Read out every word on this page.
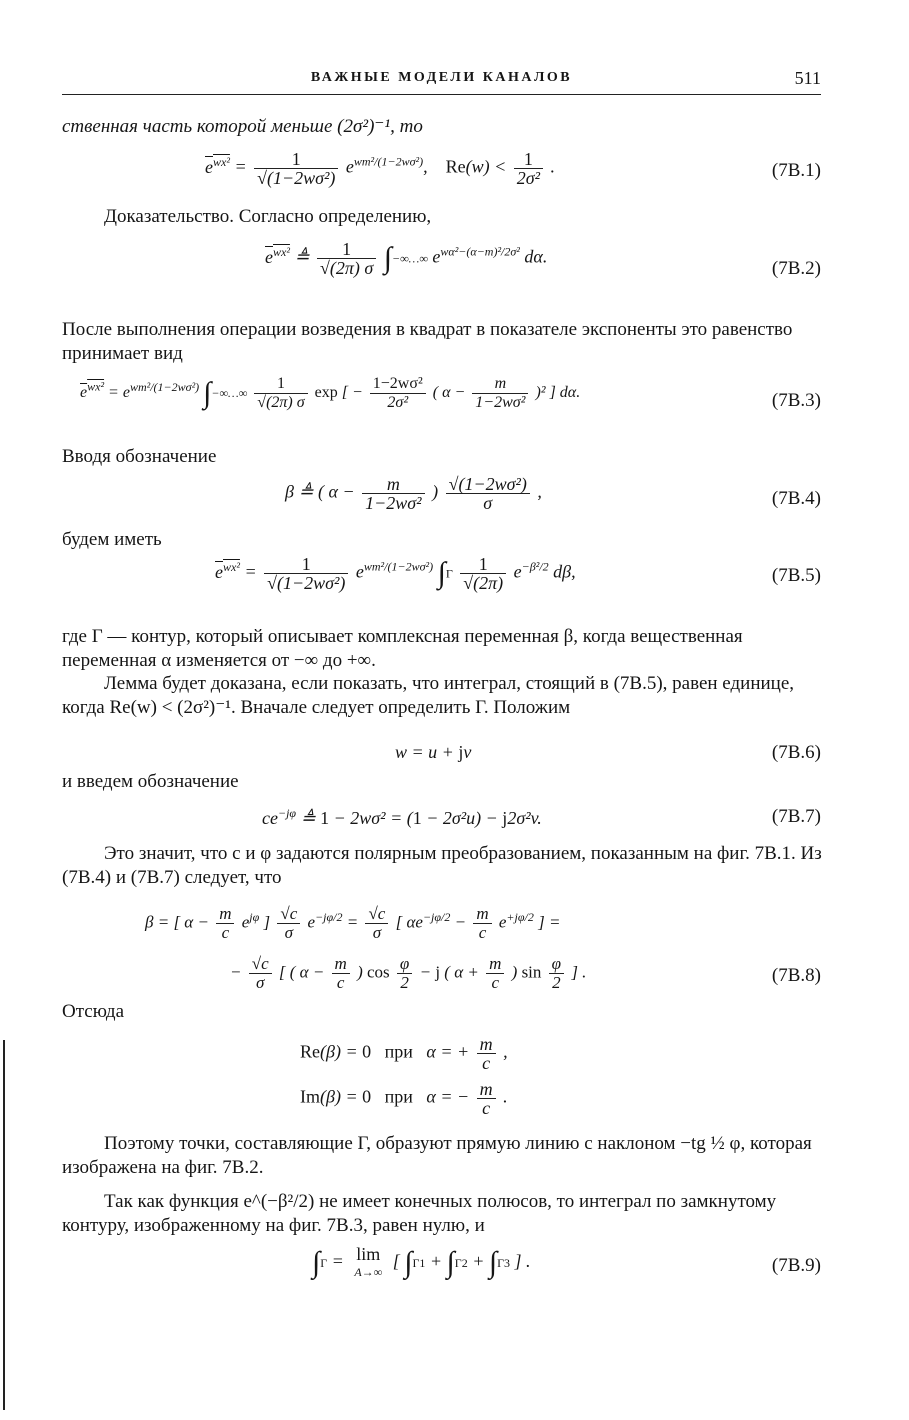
ВАЖНЫЕ МОДЕЛИ КАНАЛОВ	511

ственная часть которой меньше (2σ²)⁻¹, то

$e^{wx^2} = \frac{1}{\text{√(1−2wσ²)}} e^{wm^2/(1-2w\sigma^2)}$,    $Re(w) < \frac{1}{\text{2σ²}}$ .	(7B.1)

Доказательство. Согласно определению,

$e^{wx^2}$ ≜ $\frac{1}{√(2\pi) \sigma}$ ∫−∞…∞ $e^{w\alpha^2-(\alpha-m)^2/2\sigma^2}$ dα.
(7B.2)

После выполнения операции возведения в квадрат в показателе экспоненты это равенство принимает вид

$e^{wx^2} = e^{wm^2/(1-2w\sigma^2)}$ ∫−∞…∞ $\frac{1}{√(2\pi) \sigma}$ exp [ − $\frac{\text{1−2wσ²}}{\text{2σ²}}$ ( $\alpha - \frac{m}{\text{1−2wσ²}} )^2$ ] dα.	(7B.3)

Вводя обозначение

β ≜ ( $\alpha - \frac{m}{\text{1−2wσ²}}$ ) $\frac{\text{√(1−2wσ²)}}{\sigma}$ ,	(7B.4)

будем иметь

$e^{wx^2} = \frac{1}{\text{√(1−2wσ²)}} e^{wm^2/(1-2w\sigma^2)}$ $\int\Gamma \frac{1}{√(2\pi)} e^{-\beta^2/2}$ dβ,	(7B.5)

где Γ — контур, который описывает комплексная переменная β, когда вещественная переменная α изменяется от −∞ до +∞.

Лемма будет доказана, если показать, что интеграл, стоящий в (7B.5), равен единице, когда Re(w) < (2σ²)⁻¹. Вначале следует определить Γ. Положим

w = u + jv	(7B.6)

и введем обозначение

$ce^{-j\varphi}$ ≜ 1 − 2wσ² = (1 − 2σ²u) − j2σ²v.	(7B.7)

Это значит, что c и φ задаются полярным преобразованием, показанным на фиг. 7B.1. Из (7B.4) и (7B.7) следует, что

β = [ $\alpha - \frac{m}{c} e^{j\varphi}$ ] $\frac{√c}{\sigma} e^{-j\varphi/2} = \frac{√c}{\sigma}$ [ $\alpha e^{-j\varphi/2} - \frac{m}{c} e^{+j\varphi/2}$ ] =
− $\frac{√c}{\sigma}$ [ ( $\alpha - \frac{m}{c}$ ) $\cos \frac{\varphi}{2} - j$ ( $\alpha + \frac{m}{c}$ ) $\sin \frac{\varphi}{2}$ ] .	(7B.8)

Отсюда

Re(β) = 0 при   α = + $\frac{m}{c}$ ,
Im(β) = 0 при   α = − $\frac{m}{c}$ .

Поэтому точки, составляющие Γ, образуют прямую линию с наклоном −tg ½ φ, которая изображена на фиг. 7B.2.

Так как функция e^(−β²/2) не имеет конечных полюсов, то интеграл по замкнутому контуру, изображенному на фиг. 7B.3, равен нулю, и

∫Γ = lim
A→∞
[ ∫Γ1 + ∫Γ2 + ∫Γ3 ] .	(7B.9)
